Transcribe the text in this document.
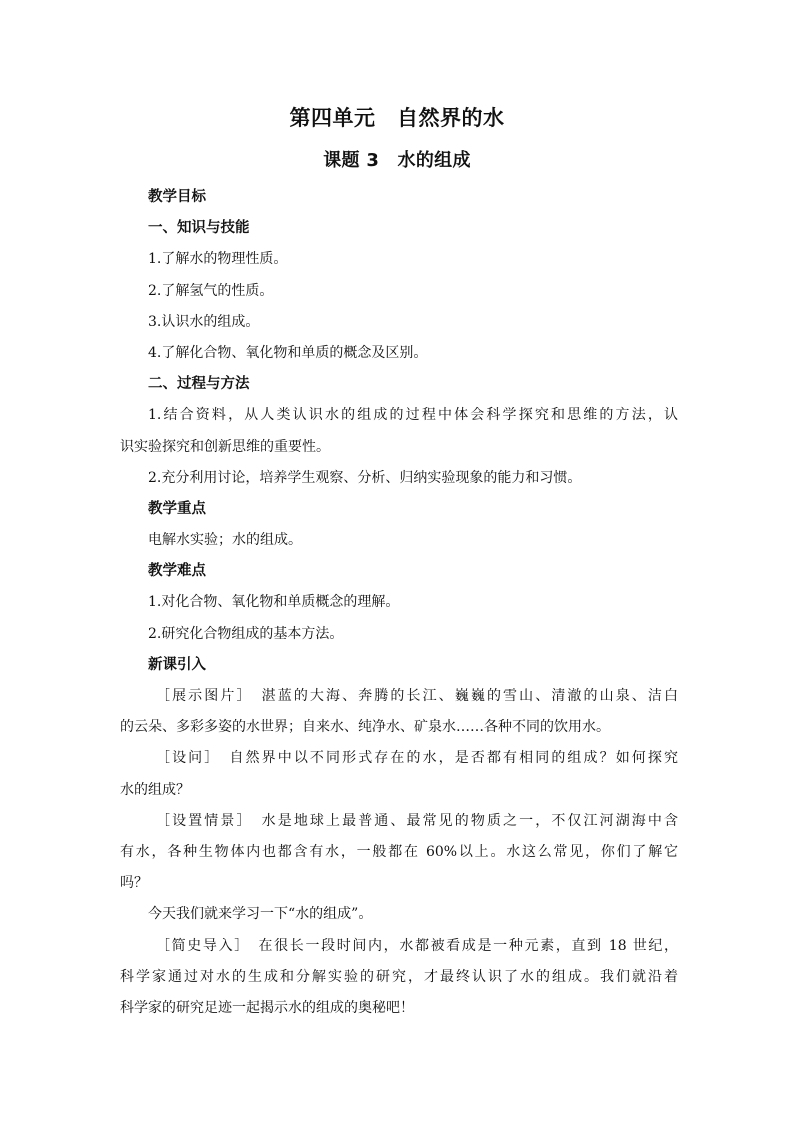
第四单元　自然界的水
课题 3　水的组成
教学目标
一、知识与技能
1.了解水的物理性质。
2.了解氢气的性质。
3.认识水的组成。
4.了解化合物、氧化物和单质的概念及区别。
二、过程与方法
1.结合资料，从人类认识水的组成的过程中体会科学探究和思维的方法，认
识实验探究和创新思维的重要性。
2.充分利用讨论，培养学生观察、分析、归纳实验现象的能力和习惯。
教学重点
电解水实验；水的组成。
教学难点
1.对化合物、氧化物和单质概念的理解。
2.研究化合物组成的基本方法。
新课引入
［展示图片］　湛蓝的大海、奔腾的长江、巍巍的雪山、清澈的山泉、洁白
的云朵、多彩多姿的水世界；自来水、纯净水、矿泉水……各种不同的饮用水。
［设问］　自然界中以不同形式存在的水，是否都有相同的组成？如何探究
水的组成？
［设置情景］　水是地球上最普通、最常见的物质之一，不仅江河湖海中含
有水，各种生物体内也都含有水，一般都在 60%以上。水这么常见，你们了解它
吗？
今天我们就来学习一下“水的组成”。
［简史导入］　在很长一段时间内，水都被看成是一种元素，直到 18 世纪，
科学家通过对水的生成和分解实验的研究，才最终认识了水的组成。我们就沿着
科学家的研究足迹一起揭示水的组成的奥秘吧！
